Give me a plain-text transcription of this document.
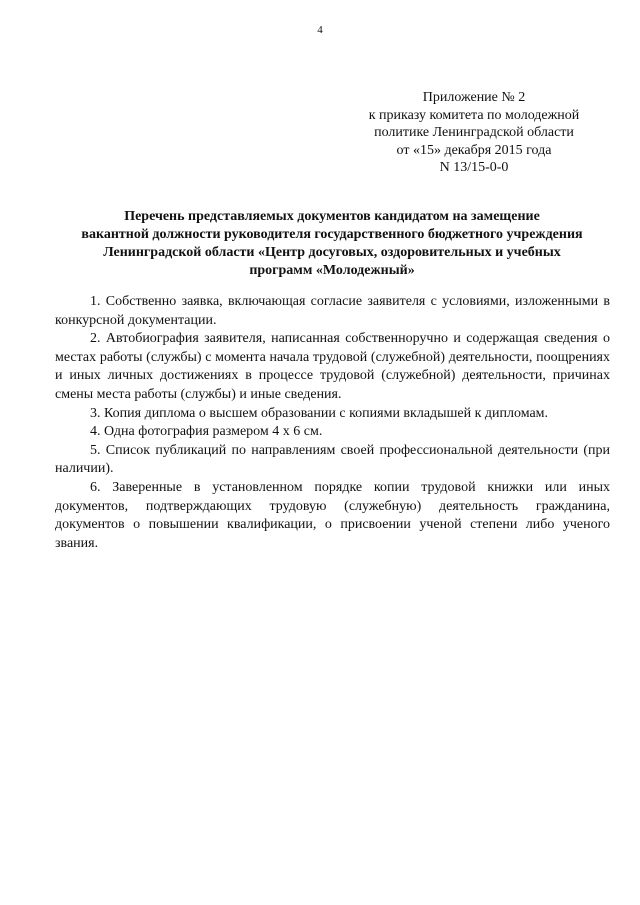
4
Приложение № 2
к приказу комитета по молодежной
политике Ленинградской области
от «15» декабря 2015 года
N 13/15-0-0
Перечень представляемых документов кандидатом на замещение
вакантной должности руководителя государственного бюджетного учреждения
Ленинградской области «Центр досуговых, оздоровительных и учебных
программ «Молодежный»

1. Собственно заявка, включающая согласие заявителя с условиями, изложенными в конкурсной документации.

2. Автобиография заявителя, написанная собственноручно и содержащая сведения о местах работы (службы) с момента начала трудовой (служебной) деятельности, поощрениях и иных личных достижениях в процессе трудовой (служебной) деятельности, причинах смены места работы (службы) и иные сведения.

3. Копия диплома о высшем образовании с копиями вкладышей к дипломам.

4. Одна фотография размером 4 х 6 см.

5. Список публикаций по направлениям своей профессиональной деятельности (при наличии).

6. Заверенные в установленном порядке копии трудовой книжки или иных документов, подтверждающих трудовую (служебную) деятельность гражданина, документов о повышении квалификации, о присвоении ученой степени либо ученого звания.
